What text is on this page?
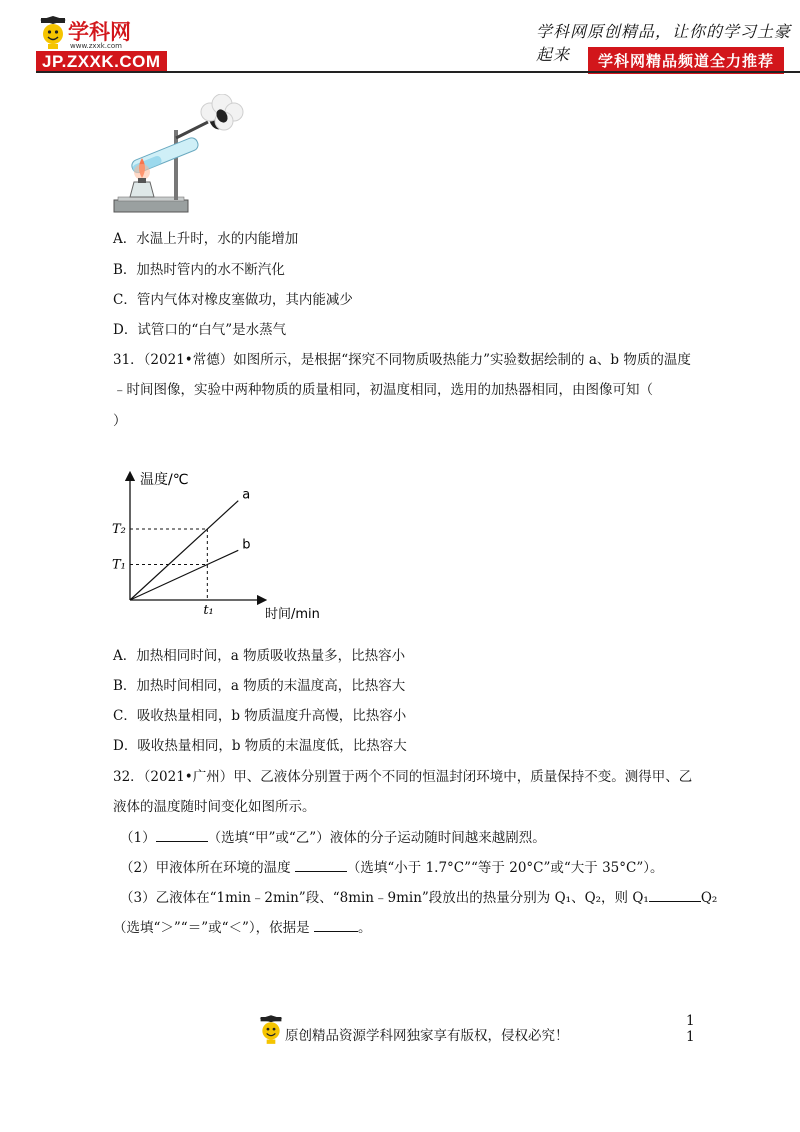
学科网
www.zxxk.com
JP.ZXXK.COM
学科网原创精品，让你的学习土豪起来	学科网精品频道全力推荐
A．水温上升时，水的内能增加
B．加热时管内的水不断汽化
C．管内气体对橡皮塞做功，其内能减少
D．试管口的“白气”是水蒸气
31．（2021•常德）如图所示，是根据“探究不同物质吸热能力”实验数据绘制的 a、b 物质的温度
﹣时间图像，实验中两种物质的质量相同，初温度相同，选用的加热器相同，由图像可知（
）
温度/℃
时间/min
a
b
t₁
T₂
T₁
A．加热相同时间，a 物质吸收热量多，比热容小
B．加热时间相同，a 物质的末温度高，比热容大
C．吸收热量相同，b 物质温度升高慢，比热容小
D．吸收热量相同，b 物质的末温度低，比热容大
32．（2021•广州）甲、乙液体分别置于两个不同的恒温封闭环境中，质量保持不变。测得甲、乙
液体的温度随时间变化如图所示。
（1）	（选填“甲”或“乙”）液体的分子运动随时间越来越剧烈。
（2）甲液体所在环境的温度	（选填“小于 1.7°C”“等于 20°C”或“大于 35°C”）。
（3）乙液体在“1min﹣2min”段、“8min﹣9min”段放出的热量分别为 Q₁、Q₂，则 Q₁	Q₂
（选填“＞”“＝”或“＜”），依据是	。
原创精品资源学科网独家享有版权，侵权必究！
1
1
